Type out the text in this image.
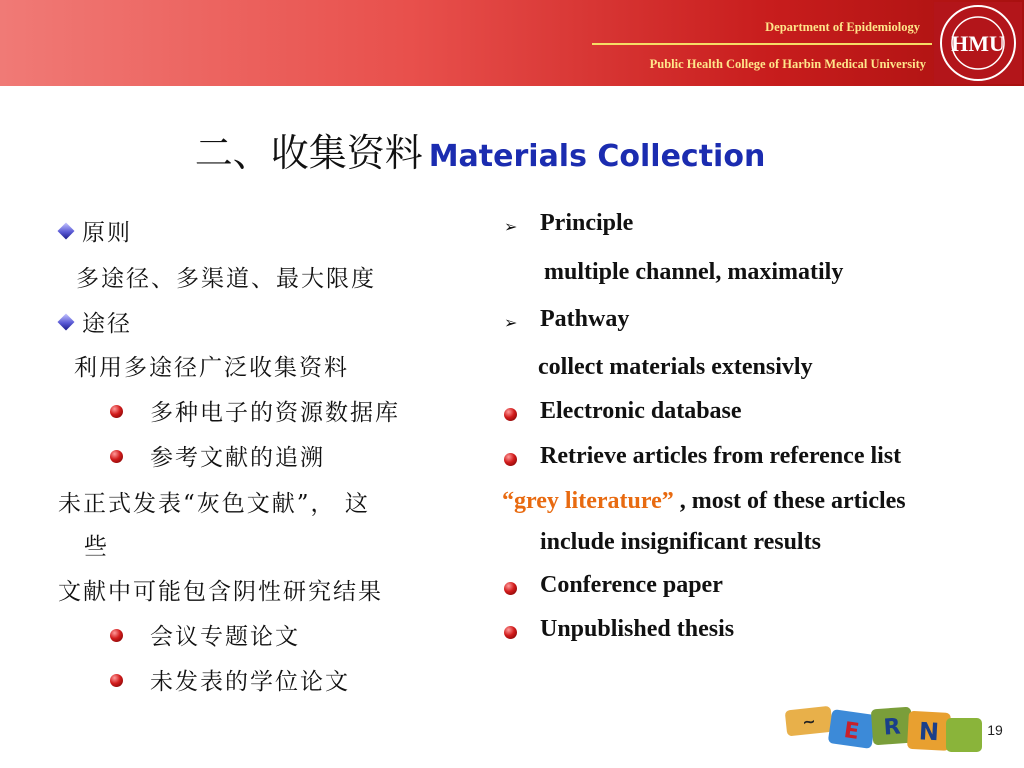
Department of Epidemiology
Public Health College of Harbin Medical University
HMU
二、收集资料 Materials Collection
原则
多途径、多渠道、最大限度
途径
利用多途径广泛收集资料
多种电子的资源数据库
参考文献的追溯
未正式发表“灰色文献”， 这
些
文献中可能包含阴性研究结果
会议专题论文
未发表的学位论文
➢ Principle
multiple channel, maximatily
➢ Pathway
collect materials extensivly
Electronic database
Retrieve articles from reference list
“grey literature” , most of these articles
include insignificant results
Conference paper
Unpublished thesis
~ E R N	19
